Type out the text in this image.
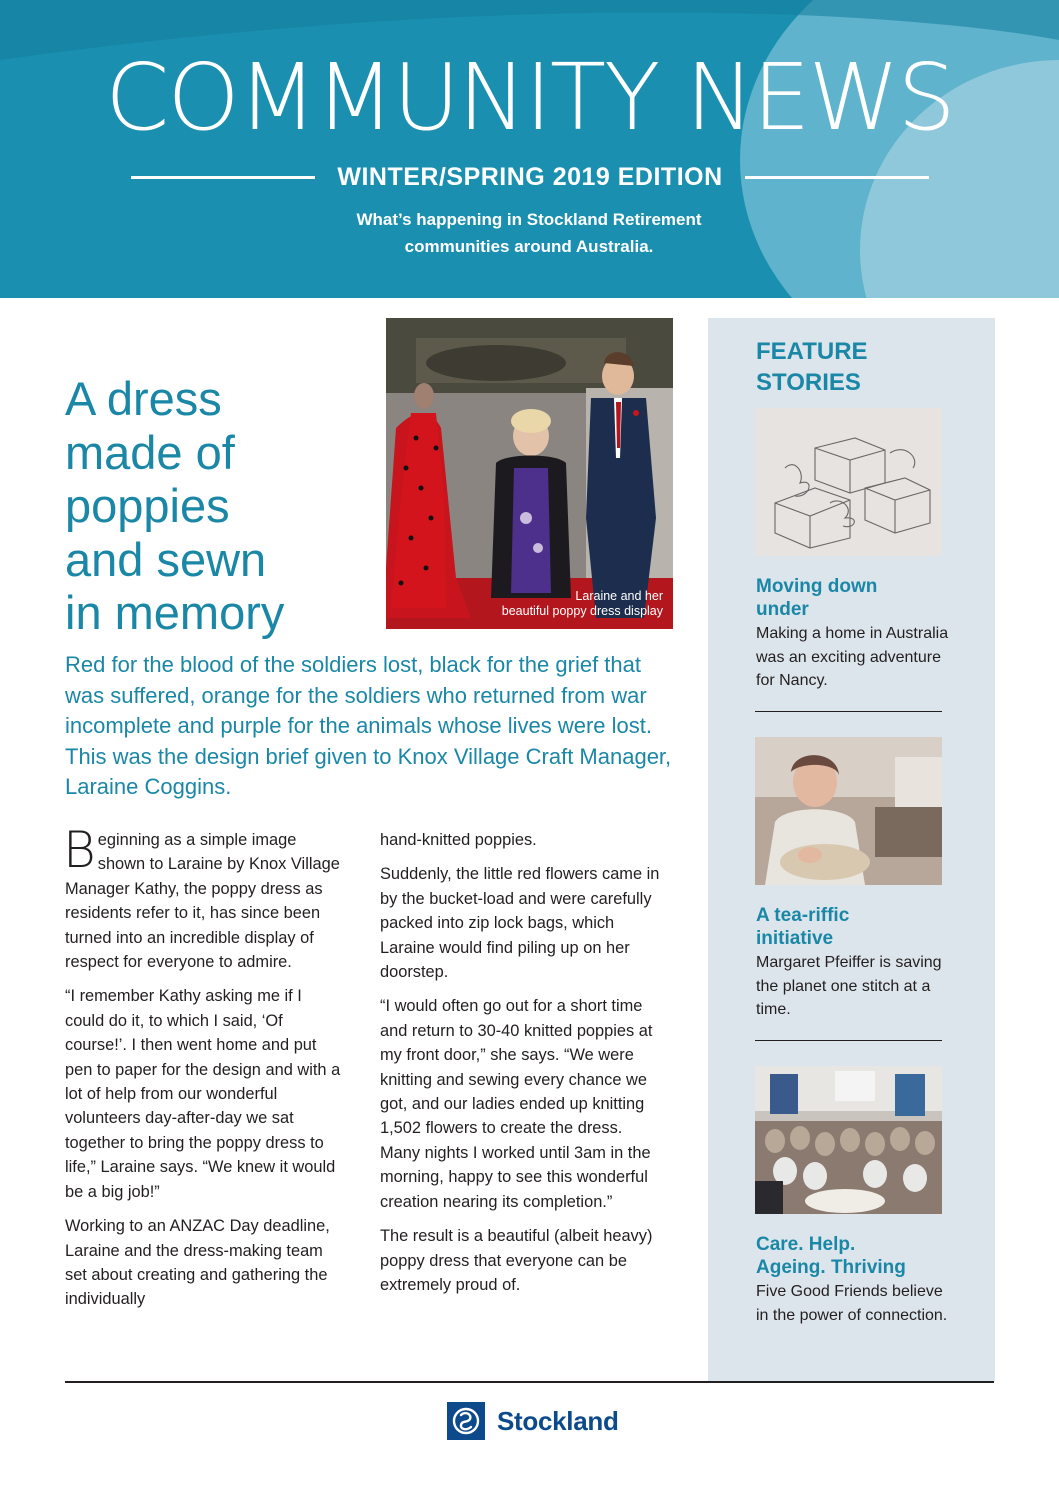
COMMUNITY NEWS
WINTER/SPRING 2019 EDITION
What’s happening in Stockland Retirement
communities around Australia.
A dress
made of
poppies
and sewn
in memory	Laraine and her
beautiful poppy dress display

Red for the blood of the soldiers lost, black for the grief that was suffered, orange for the soldiers who returned from war incomplete and purple for the animals whose lives were lost. This was the design brief given to Knox Village Craft Manager, Laraine Coggins.

Beginning as a simple image shown to Laraine by Knox Village Manager Kathy, the poppy dress as residents refer to it, has since been turned into an incredible display of respect for everyone to admire.

“I remember Kathy asking me if I could do it, to which I said, ‘Of course!’. I then went home and put pen to paper for the design and with a lot of help from our wonderful volunteers day-after-day we sat together to bring the poppy dress to life,” Laraine says. “We knew it would be a big job!”

Working to an ANZAC Day deadline, Laraine and the dress-making team set about creating and gathering the individually

hand-knitted poppies.

Suddenly, the little red flowers came in by the bucket-load and were carefully packed into zip lock bags, which Laraine would find piling up on her doorstep.

“I would often go out for a short time and return to 30-40 knitted poppies at my front door,” she says. “We were knitting and sewing every chance we got, and our ladies ended up knitting 1,502 flowers to create the dress. Many nights I worked until 3am in the morning, happy to see this wonderful creation nearing its completion.”

The result is a beautiful (albeit heavy) poppy dress that everyone can be extremely proud of.

FEATURE
STORIES
Moving down
under
Making a home in Australia was an exciting adventure for Nancy.
A tea-riffic
initiative
Margaret Pfeiffer is saving the planet one stitch at a time.
Care. Help.
Ageing. Thriving
Five Good Friends believe in the power of connection.
Stockland
